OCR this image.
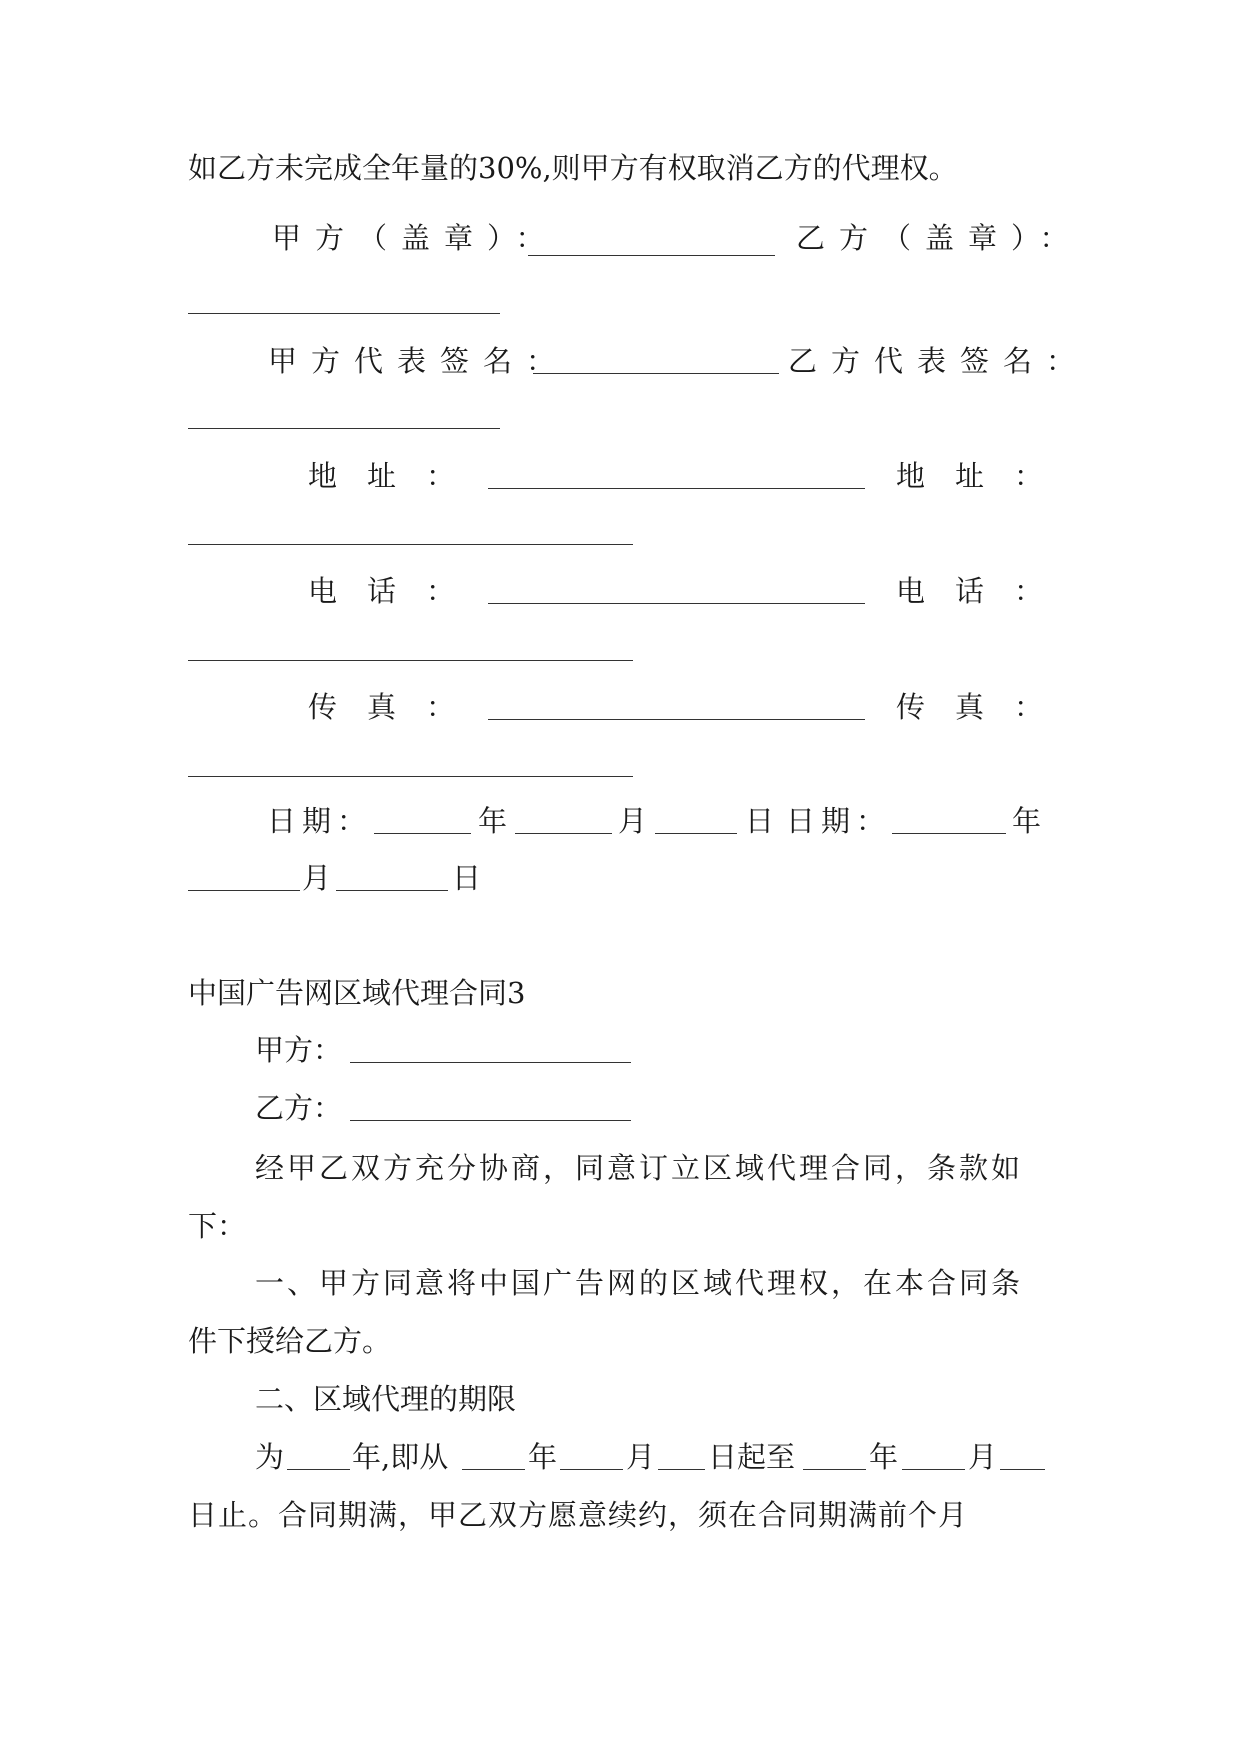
如乙方未完成全年量的30%,则甲方有权取消乙方的代理权。
甲方（盖章）：	乙方（盖章）：
甲方代表签名：	乙方代表签名：
地址：	地址：
电话：	电话：
传真：	传真：
日期：	年	月	日 日期：	年
月	日
中国广告网区域代理合同3
甲方：
乙方：
经甲乙双方充分协商，同意订立区域代理合同，条款如
下：
一、甲方同意将中国广告网的区域代理权，在本合同条
件下授给乙方。
二、区域代理的期限
为 年,即从	年 月 日起至	年 月
日止。合同期满，甲乙双方愿意续约，须在合同期满前个月
